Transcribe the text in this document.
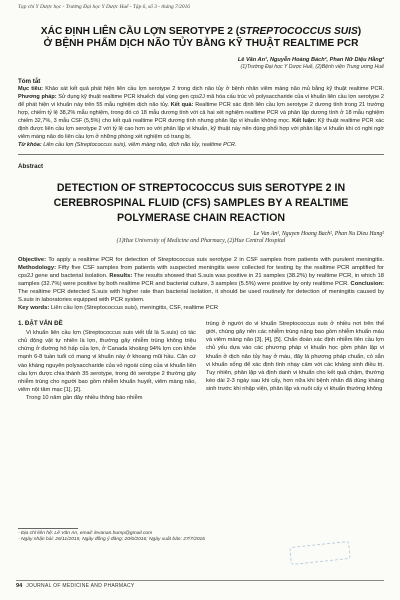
Tạp chí Y Dược học - Trường Đại học Y Dược Huế - Tập 6, số 3 - tháng 7/2016
XÁC ĐỊNH LIÊN CẦU LỢN SEROTYPE 2 (STREPTOCOCCUS SUIS)
Ở BỆNH PHẨM DỊCH NÃO TỦY BẰNG KỸ THUẬT REALTIME PCR
Lê Văn An¹, Nguyễn Hoàng Bách², Phan Nữ Diệu Hằng²
(1)Trường Đại học Y Dược Huế, (2)Bệnh viện Trung ương Huế
Tóm tắt
Mục tiêu: Khảo sát kết quả phát hiện liên cầu lợn serotype 2 trong dịch não tủy ở bệnh nhân viêm màng não mủ bằng kỹ thuật realtime PCR. Phương pháp: Sử dụng kỹ thuật realtime PCR khuếch đại vùng gen cps2J mã hóa cấu trúc vỏ polysaccharide của vi khuẩn liên cầu lợn serotype 2 để phát hiện vi khuẩn này trên 55 mẫu nghiệm dịch não tủy. Kết quả: Realtime PCR xác định liên cầu lợn serotype 2 dương tính trong 21 trường hợp, chiếm tỷ lệ 38,2% mẫu nghiệm, trong đó có 18 mẫu dương tính với cả hai xét nghiệm realtime PCR và phân lập dương tính ở 18 mẫu nghiệm chiếm 32,7%, 3 mẫu CSF (5,5%) cho kết quả realtime PCR dương tính nhưng phân lập vi khuẩn không mọc. Kết luận: Kỹ thuật realtime PCR xác định được liên cầu lợn serotype 2 với tỷ lệ cao hơn so với phân lập vi khuẩn, kỹ thuật này nên dùng phối hợp với phân lập vi khuẩn khi có nghi ngờ viêm màng não do liên cầu lợn ở những phòng xét nghiệm có trang bị.
Từ khóa: Liên cầu lợn (Streptococcus suis), viêm màng não, dịch não tủy, realtime PCR.
Abstract
DETECTION OF STREPTOCOCCUS SUIS SEROTYPE 2 IN
CEREBROSPINAL FLUID (CFS) SAMPLES BY A REALTIME
POLYMERASE CHAIN REACTION
Le Van An¹, Nguyen Hoang Bach², Phan Nu Dieu Hang²
(1)Hue University of Medicine and Pharmacy, (2)Hue Central Hospital
Objective: To apply a realtime PCR for detection of Streptococcus suis serotype 2 in CSF samples from patients with purulent meningitis. Methodology: Fifty five CSF samples from patients with suspected meningitis were collected for testing by the realtime PCR amplified for cps2J gene and bacterial isolation. Results: The results showed that S.suis was positive in 21 samples (38.2%) by realtime PCR, in which 18 samples (32.7%) were positive by both realtime PCR and bacterial culture, 3 samples (5.5%) were positive by only realtime PCR. Conclusion: The realtime PCR detected S.suis with higher rate than bacterial isolation, it should be used routinely for detection of meningitis caused by S.suis in laboratories equipped with PCR system.
Key words: Liên cầu lợn (Streptococcus suis), meningitis, CSF, realtime PCR
1. ĐẶT VẤN ĐỀ

Vi khuẩn liên cầu lợn (Streptococcus suis viết tắt là S.suis) có tác chủ động vật tự nhiên là lợn, thường gây nhiễm trùng không triệu chứng ở đường hô hấp của lợn, ở Canada khoảng 94% lợn con khỏe mạnh 6-8 tuần tuổi có mang vi khuẩn này ở khoang mũi hầu. Căn cứ vào kháng nguyên polysaccharide của vỏ ngoài cùng của vi khuẩn liên cầu lợn được chia thành 35 serotype, trong đó serotype 2 thường gây nhiễm trùng cho người bao gồm nhiễm khuẩn huyết, viêm màng não, viêm nội tâm mạc [1], [2].

Trong 10 năm gần đây nhiều thông báo nhiễm

trùng ở người do vi khuẩn Streptococcus suis ở nhiều nơi trên thế giới, chúng gây nên các nhiễm trùng nặng bao gồm nhiễm khuẩn máu và viêm màng não [3], [4], [5]. Chẩn đoán xác định nhiễm liên cầu lợn chủ yếu dựa vào các phương pháp vi khuẩn học gồm phân lập vi khuẩn ở dịch não tủy hay ở máu, đây là phương pháp chuẩn, có sẵn vi khuẩn sống để xác định tính nhạy cảm với các kháng sinh điều trị. Tuy nhiên, phân lập và định danh vi khuẩn cho kết quả chậm, thường kéo dài 2-3 ngày sau khi cấy, hơn nữa khi bệnh nhân đã dùng kháng sinh trước khi nhập viện, phân lập và nuôi cấy vi khuẩn thường không

- Địa chỉ liên hệ: Lê Văn An, email: levanan.hump@gmail.com
- Ngày nhận bài: 26/11/2015, Ngày đồng ý đăng: 20/6/2016; Ngày xuất bản: 27/7/2016
94 JOURNAL OF MEDICINE AND PHARMACY
